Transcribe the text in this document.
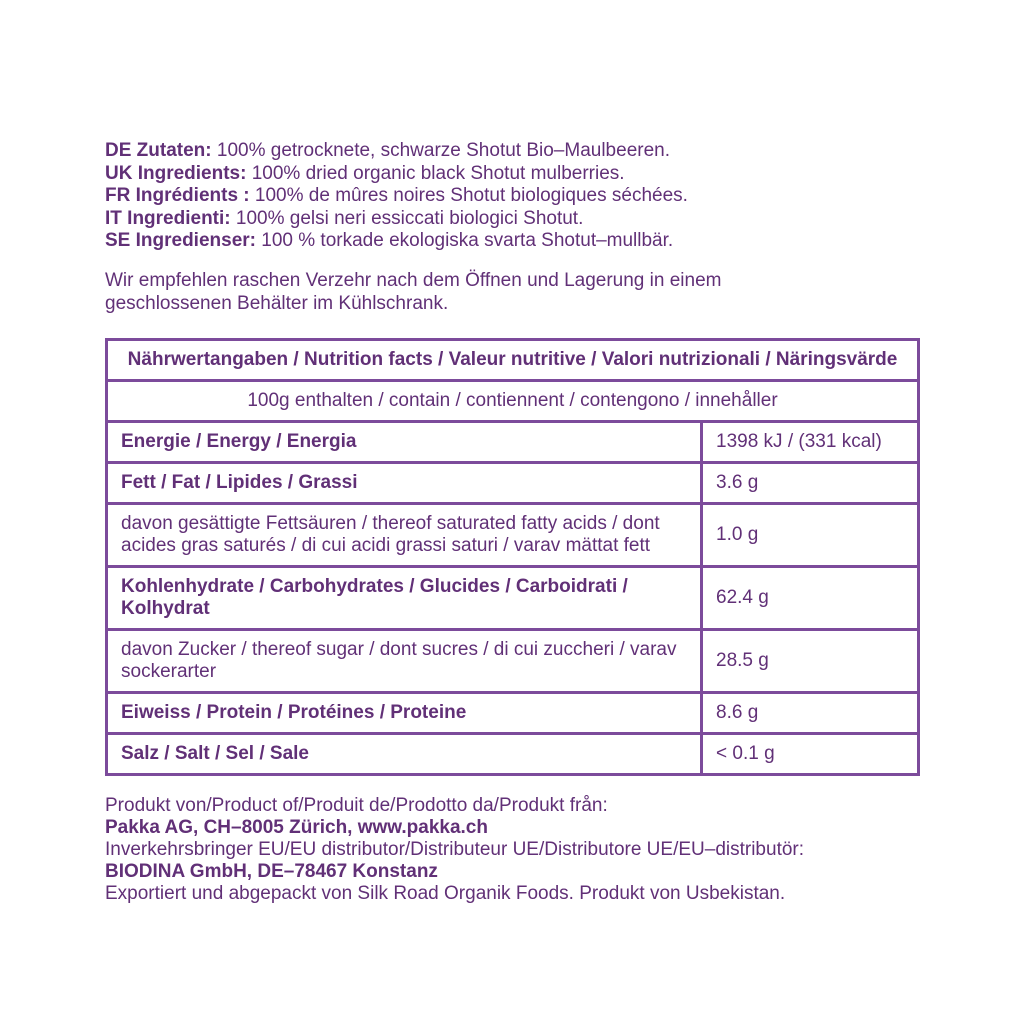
DE Zutaten: 100% getrocknete, schwarze Shotut Bio–Maulbeeren.
UK Ingredients: 100% dried organic black Shotut mulberries.
FR Ingrédients : 100% de mûres noires Shotut biologiques séchées.
IT Ingredienti: 100% gelsi neri essiccati biologici Shotut.
SE Ingredienser: 100 % torkade ekologiska svarta Shotut–mullbär.

Wir empfehlen raschen Verzehr nach dem Öffnen und Lagerung in einem geschlossenen Behälter im Kühlschrank.

Nährwertangaben / Nutrition facts / Valeur nutritive / Valori nutrizionali / Näringsvärde	
100g enthalten / contain / contiennent / contengono / innehåller	
Energie / Energy / Energia	1398 kJ / (331 kcal)
Fett / Fat / Lipides / Grassi	3.6 g
davon gesättigte Fettsäuren / thereof saturated fatty acids / dont acides gras saturés / di cui acidi grassi saturi / varav mättat fett	1.0 g
Kohlenhydrate / Carbohydrates / Glucides / Carboidrati / Kolhydrat	62.4 g
davon Zucker / thereof sugar / dont sucres / di cui zuccheri / varav sockerarter	28.5 g
Eiweiss / Protein / Protéines / Proteine	8.6 g
Salz / Salt / Sel / Sale	< 0.1 g
Produkt von/Product of/Produit de/Prodotto da/Produkt från:
Pakka AG, CH–8005 Zürich, www.pakka.ch
Inverkehrsbringer EU/EU distributor/Distributeur UE/Distributore UE/EU–distributör:
BIODINA GmbH, DE–78467 Konstanz
Exportiert und abgepackt von Silk Road Organik Foods. Produkt von Usbekistan.
